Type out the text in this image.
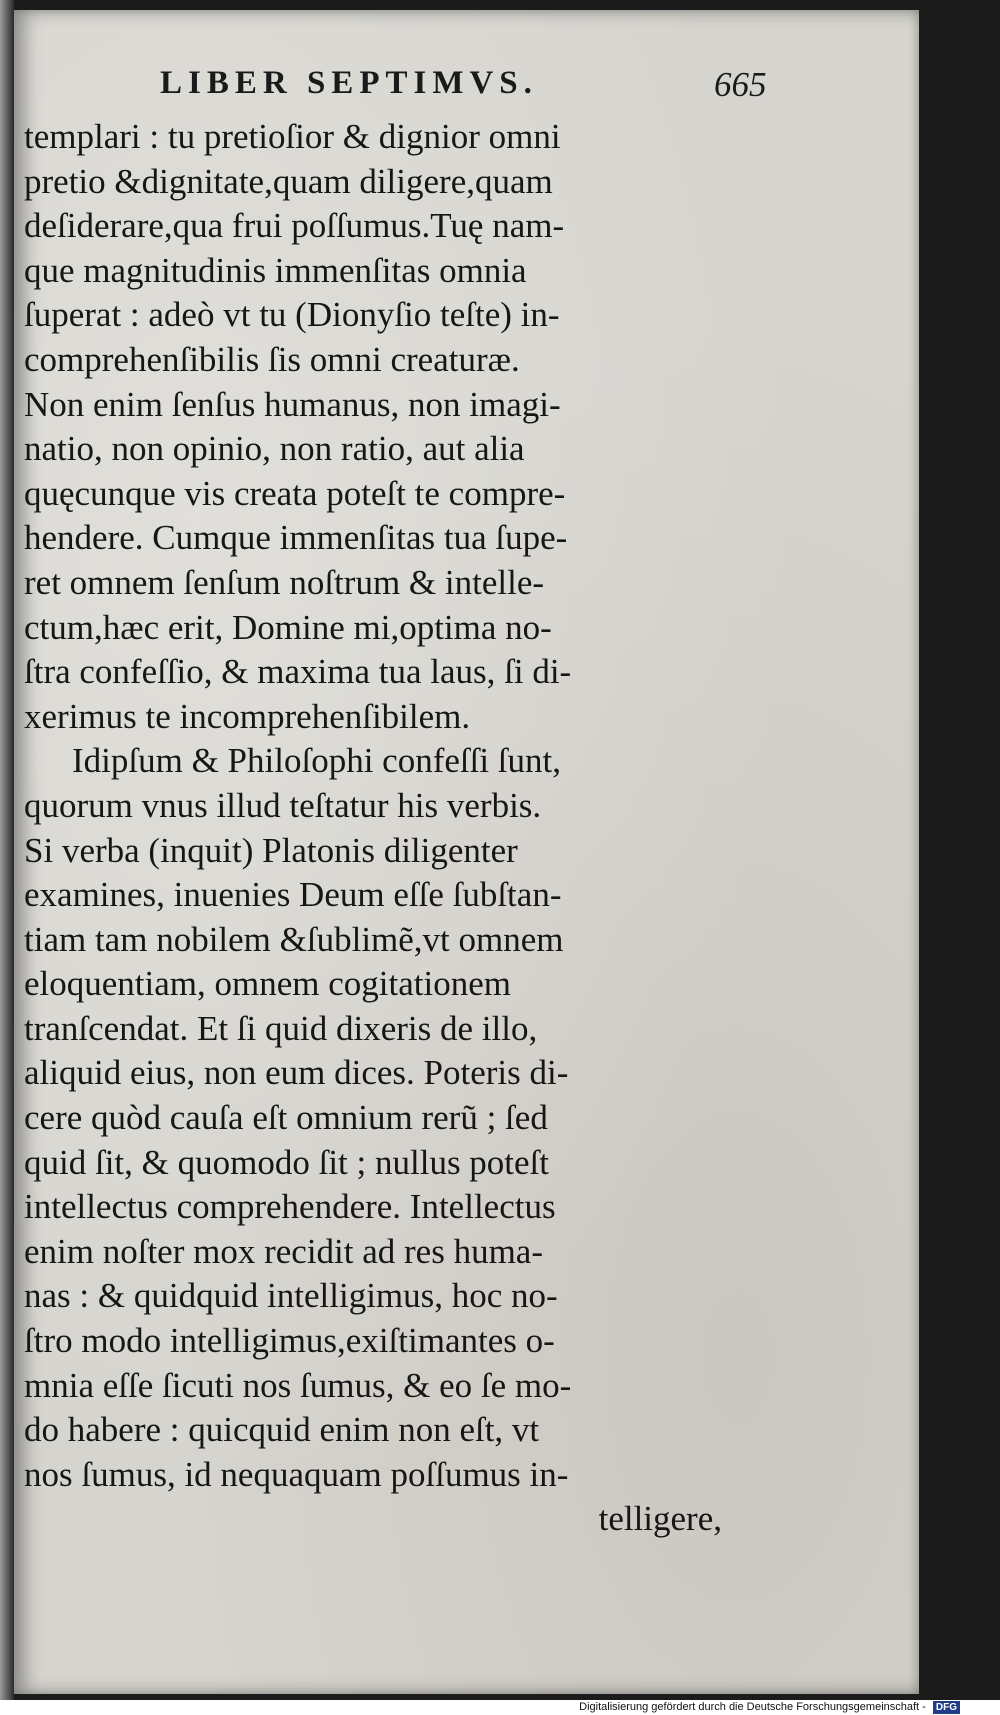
LIBER SEPTIMVS.	665
templari : tu pretioſior & dignior omni
pretio &dignitate,quam diligere,quam
deſiderare,qua frui poſſumus.Tuę nam-
que magnitudinis immenſitas omnia
ſuperat : adeò vt tu (Dionyſio teſte) in-
comprehenſibilis ſis omni creaturæ.
Non enim ſenſus humanus, non imagi-
natio, non opinio, non ratio, aut alia
quęcunque vis creata poteſt te compre-
hendere. Cumque immenſitas tua ſupe-
ret omnem ſenſum noſtrum & intelle-
ctum,hæc erit, Domine mi,optima no-
ſtra confeſſio, & maxima tua laus, ſi di-
xerimus te incomprehenſibilem.
Idipſum & Philoſophi confeſſi ſunt,
quorum vnus illud teſtatur his verbis.
Si verba (inquit) Platonis diligenter
examines, inuenies Deum eſſe ſubſtan-
tiam tam nobilem &ſublimẽ,vt omnem
eloquentiam, omnem cogitationem
tranſcendat. Et ſi quid dixeris de illo,
aliquid eius, non eum dices. Poteris di-
cere quòd cauſa eſt omnium rerũ ; ſed
quid ſit, & quomodo ſit ; nullus poteſt
intellectus comprehendere. Intellectus
enim noſter mox recidit ad res huma-
nas : & quidquid intelligimus, hoc no-
ſtro modo intelligimus,exiſtimantes o-
mnia eſſe ſicuti nos ſumus, & eo ſe mo-
do habere : quicquid enim non eſt, vt
nos ſumus, id nequaquam poſſumus in-
telligere,
Digitalisierung gefördert durch die Deutsche Forschungsgemeinschaft - DFG
